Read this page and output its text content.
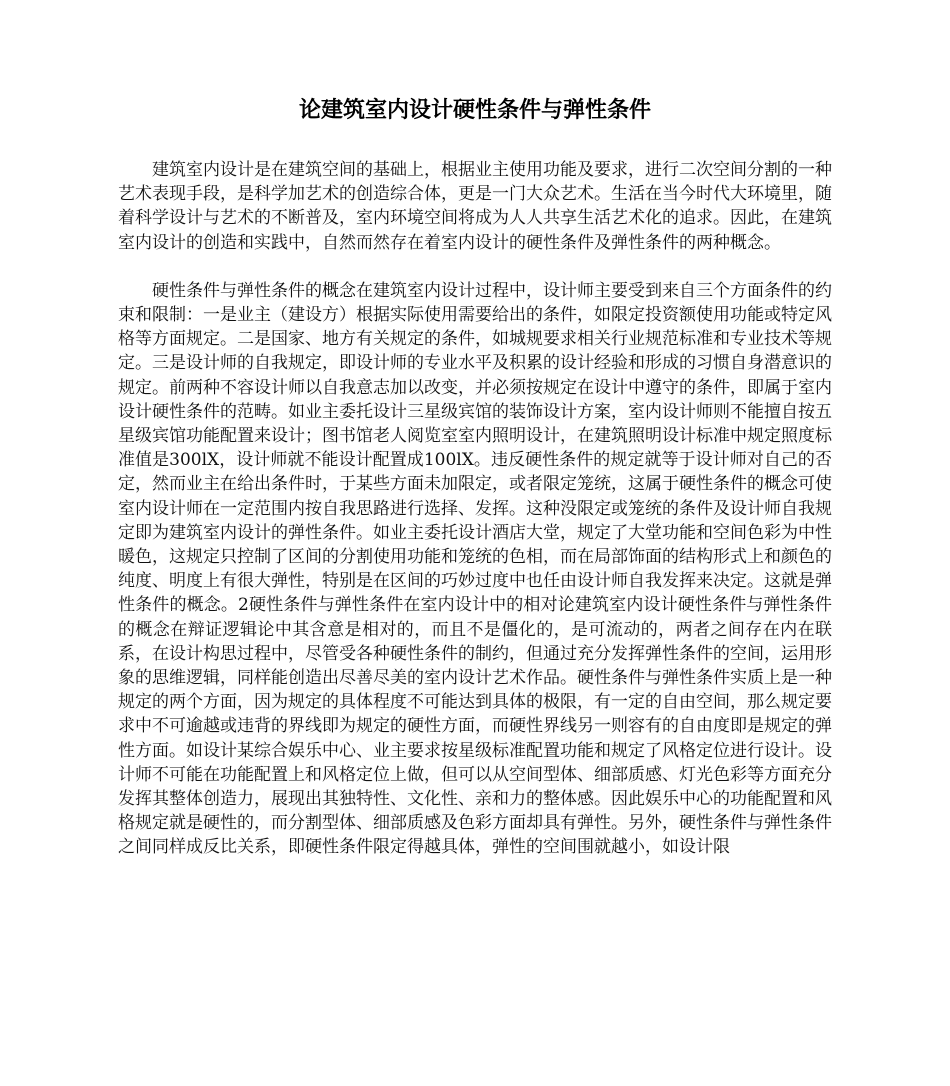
论建筑室内设计硬性条件与弹性条件

建筑室内设计是在建筑空间的基础上，根据业主使用功能及要求，进行二次空间分割的一种艺术表现手段，是科学加艺术的创造综合体，更是一门大众艺术。生活在当今时代大环境里，随着科学设计与艺术的不断普及，室内环境空间将成为人人共享生活艺术化的追求。因此，在建筑室内设计的创造和实践中，自然而然存在着室内设计的硬性条件及弹性条件的两种概念。

硬性条件与弹性条件的概念在建筑室内设计过程中，设计师主要受到来自三个方面条件的约束和限制：一是业主（建设方）根据实际使用需要给出的条件，如限定投资额使用功能或特定风格等方面规定。二是国家、地方有关规定的条件，如城规要求相关行业规范标准和专业技术等规定。三是设计师的自我规定，即设计师的专业水平及积累的设计经验和形成的习惯自身潜意识的规定。前两种不容设计师以自我意志加以改变，并必须按规定在设计中遵守的条件，即属于室内设计硬性条件的范畴。如业主委托设计三星级宾馆的装饰设计方案，室内设计师则不能擅自按五星级宾馆功能配置来设计；图书馆老人阅览室室内照明设计，在建筑照明设计标准中规定照度标准值是300lX，设计师就不能设计配置成100lX。违反硬性条件的规定就等于设计师对自己的否定，然而业主在给出条件时，于某些方面未加限定，或者限定笼统，这属于硬性条件的概念可使室内设计师在一定范围内按自我思路进行选择、发挥。这种没限定或笼统的条件及设计师自我规定即为建筑室内设计的弹性条件。如业主委托设计酒店大堂，规定了大堂功能和空间色彩为中性暖色，这规定只控制了区间的分割使用功能和笼统的色相，而在局部饰面的结构形式上和颜色的纯度、明度上有很大弹性，特别是在区间的巧妙过度中也任由设计师自我发挥来决定。这就是弹性条件的概念。2硬性条件与弹性条件在室内设计中的相对论建筑室内设计硬性条件与弹性条件的概念在辩证逻辑论中其含意是相对的，而且不是僵化的，是可流动的，两者之间存在内在联系，在设计构思过程中，尽管受各种硬性条件的制约，但通过充分发挥弹性条件的空间，运用形象的思维逻辑，同样能创造出尽善尽美的室内设计艺术作品。硬性条件与弹性条件实质上是一种规定的两个方面，因为规定的具体程度不可能达到具体的极限，有一定的自由空间，那么规定要求中不可逾越或违背的界线即为规定的硬性方面，而硬性界线另一则容有的自由度即是规定的弹性方面。如设计某综合娱乐中心、业主要求按星级标准配置功能和规定了风格定位进行设计。设计师不可能在功能配置上和风格定位上做，但可以从空间型体、细部质感、灯光色彩等方面充分发挥其整体创造力，展现出其独特性、文化性、亲和力的整体感。因此娱乐中心的功能配置和风格规定就是硬性的，而分割型体、细部质感及色彩方面却具有弹性。另外，硬性条件与弹性条件之间同样成反比关系，即硬性条件限定得越具体，弹性的空间围就越小，如设计限
